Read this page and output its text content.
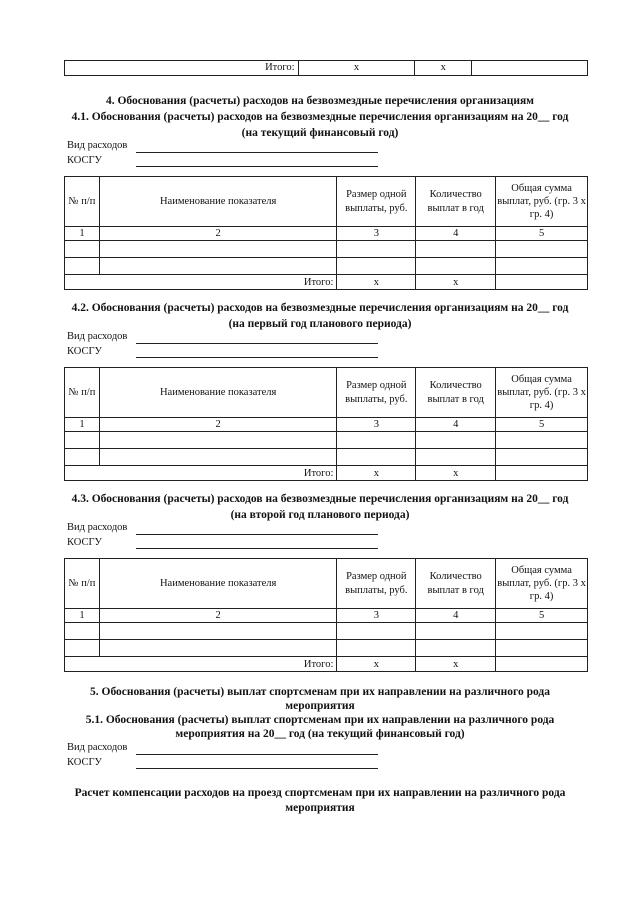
Итого:	x	x	
4. Обоснования (расчеты) расходов на безвозмездные перечисления организациям
4.1. Обоснования (расчеты) расходов на безвозмездные перечисления организациям на 20__ год
(на текущий финансовый год)
Вид расходов
КОСГУ
№ п/п	Наименование показателя	Размер одной выплаты, руб.	Количество выплат в год	Общая сумма выплат, руб. (гр. 3 х гр. 4)
1	2	3	4	5

Итого:		x	x	
4.2. Обоснования (расчеты) расходов на безвозмездные перечисления организациям на 20__ год
(на первый год планового периода)
Вид расходов
КОСГУ
№ п/п	Наименование показателя	Размер одной выплаты, руб.	Количество выплат в год	Общая сумма выплат, руб. (гр. 3 х гр. 4)
1	2	3	4	5

Итого:		x	x	
4.3. Обоснования (расчеты) расходов на безвозмездные перечисления организациям на 20__ год
(на второй год планового периода)
Вид расходов
КОСГУ
№ п/п	Наименование показателя	Размер одной выплаты, руб.	Количество выплат в год	Общая сумма выплат, руб. (гр. 3 х гр. 4)
1	2	3	4	5

Итого:		x	x	
5. Обоснования (расчеты) выплат спортсменам при их направлении на различного рода
мероприятия
5.1. Обоснования (расчеты) выплат спортсменам при их направлении на различного рода
мероприятия на 20__ год (на текущий финансовый год)
Вид расходов
КОСГУ
Расчет компенсации расходов на проезд спортсменам при их направлении на различного рода
мероприятия
